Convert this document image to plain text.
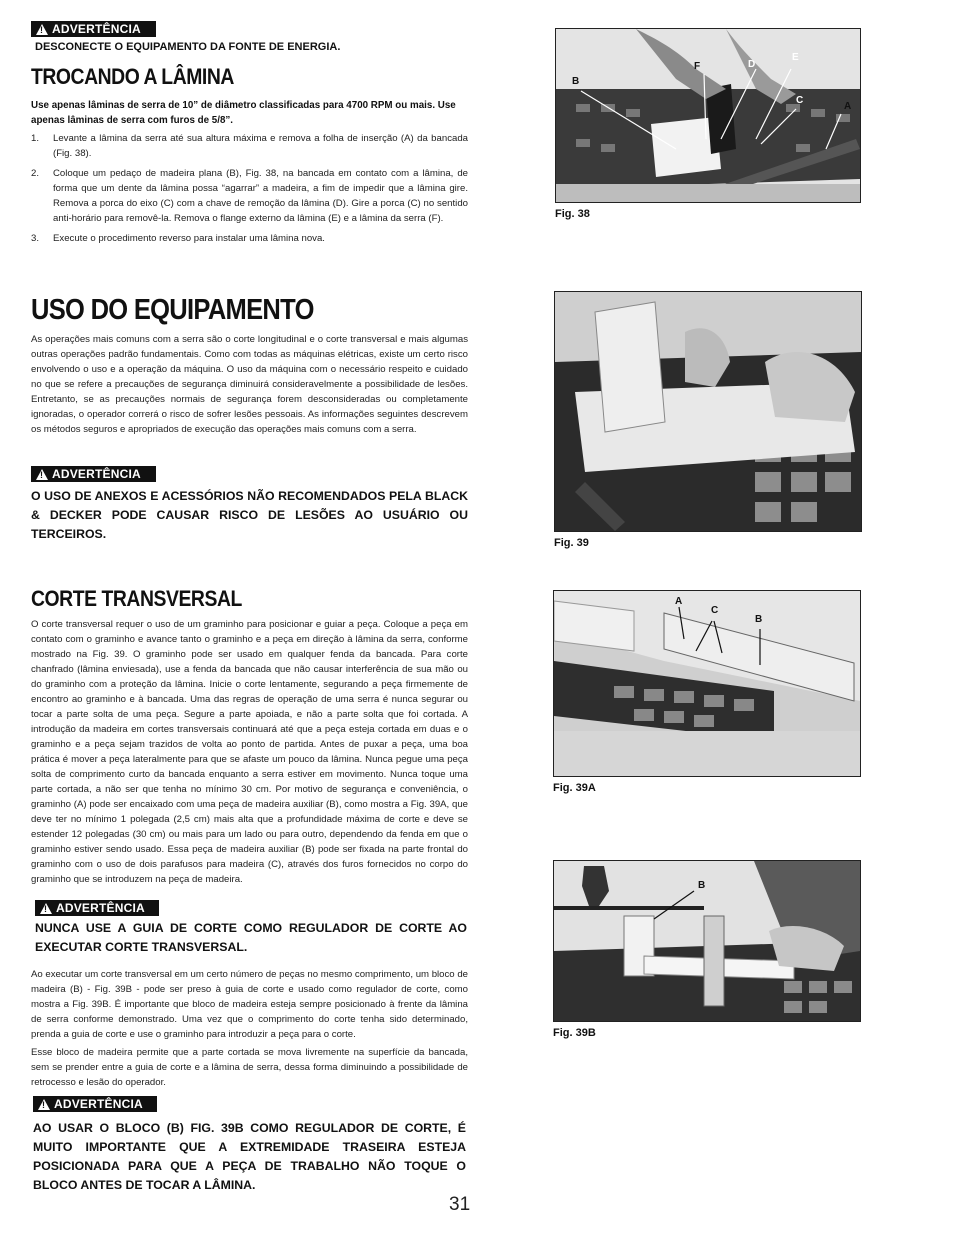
!
ADVERTÊNCIA
DESCONECTE O EQUIPAMENTO DA FONTE DE ENERGIA.
TROCANDO A LÂMINA
Use apenas lâminas de serra de 10” de diâmetro classificadas para 4700 RPM ou mais. Use apenas lâminas de serra com furos de 5/8”.
1. Levante a lâmina da serra até sua altura máxima e remova a folha de inserção (A) da bancada (Fig. 38).
2. Coloque um pedaço de madeira plana (B), Fig. 38, na bancada em contato com a lâmina, de forma que um dente da lâmina possa “agarrar” a madeira, a fim de impedir que a lâmina gire. Remova a porca do eixo (C) com a chave de remoção da lâmina (D). Gire a porca (C) no sentido anti-horário para removê-la. Remova o flange externo da lâmina (E) e a lâmina da serra (F).
3. Execute o procedimento reverso para instalar uma lâmina nova.
USO DO EQUIPAMENTO
As operações mais comuns com a serra são o corte longitudinal e o corte transversal e mais algumas outras operações padrão fundamentais. Como com todas as máquinas elétricas, existe um certo risco envolvendo o uso e a operação da máquina. O uso da máquina com o necessário respeito e cuidado no que se refere a precauções de segurança diminuirá consideravelmente a possibilidade de lesões. Entretanto, se as precauções normais de segurança forem desconsideradas ou completamente ignoradas, o operador correrá o risco de sofrer lesões pessoais. As informações seguintes descrevem os métodos seguros e apropriados de execução das operações mais comuns com a serra.
!
ADVERTÊNCIA
O USO DE ANEXOS E ACESSÓRIOS NÃO RECOMENDADOS PELA BLACK & DECKER PODE CAUSAR RISCO DE LESÕES AO USUÁRIO OU TERCEIROS.
CORTE TRANSVERSAL
O corte transversal requer o uso de um graminho para posicionar e guiar a peça. Coloque a peça em contato com o graminho e avance tanto o graminho e a peça em direção à lâmina da serra, conforme mostrado na Fig. 39. O graminho pode ser usado em qualquer fenda da bancada. Para corte chanfrado (lâmina enviesada), use a fenda da bancada que não causar interferência de sua mão ou do graminho com a proteção da lâmina. Inicie o corte lentamente, segurando a peça firmemente de encontro ao graminho e à bancada. Uma das regras de operação de uma serra é nunca segurar ou tocar a parte solta de uma peça. Segure a parte apoiada, e não a parte solta que foi cortada. A introdução da madeira em cortes transversais continuará até que a peça esteja cortada em duas e o graminho e a peça sejam trazidos de volta ao ponto de partida. Antes de puxar a peça, uma boa prática é mover a peça lateralmente para que se afaste um pouco da lâmina. Nunca pegue uma peça solta de comprimento curto da bancada enquanto a serra estiver em movimento. Nunca toque uma parte cortada, a não ser que tenha no mínimo 30 cm. Por motivo de segurança e conveniência, o graminho (A) pode ser encaixado com uma peça de madeira auxiliar (B), como mostra a Fig. 39A, que deve ter no mínimo 1 polegada (2,5 cm) mais alta que a profundidade máxima de corte e deve se estender 12 polegadas (30 cm) ou mais para um lado ou para outro, dependendo da fenda em que o graminho estiver sendo usado. Essa peça de madeira auxiliar (B) pode ser fixada na parte frontal do graminho com o uso de dois parafusos para madeira (C), através dos furos fornecidos no corpo do graminho que se introduzem na peça de madeira.
!
ADVERTÊNCIA
NUNCA USE A GUIA DE CORTE COMO REGULADOR DE CORTE AO EXECUTAR CORTE TRANSVERSAL.
Ao executar um corte transversal em um certo número de peças no mesmo comprimento, um bloco de madeira (B) - Fig. 39B - pode ser preso à guia de corte e usado como regulador de corte, como mostra a Fig. 39B. É importante que bloco de madeira esteja sempre posicionado à frente da lâmina de serra conforme demonstrado. Uma vez que o comprimento do corte tenha sido determinado, prenda a guia de corte e use o graminho para introduzir a peça para o corte.
Esse bloco de madeira permite que a parte cortada se mova livremente na superfície da bancada, sem se prender entre a guia de corte e a lâmina de serra, dessa forma diminuindo a possibilidade de retrocesso e lesão do operador.
!
ADVERTÊNCIA
AO USAR O BLOCO (B) FIG. 39B COMO REGULADOR DE CORTE, É MUITO IMPORTANTE QUE A EXTREMIDADE TRASEIRA ESTEJA POSICIONADA PARA QUE A PEÇA DE TRABALHO NÃO TOQUE O BLOCO ANTES DE TOCAR A LÂMINA.
31
B
F	D
E
C
A
Fig. 38
Fig. 39
A
C
B
Fig. 39A
B
Fig. 39B
